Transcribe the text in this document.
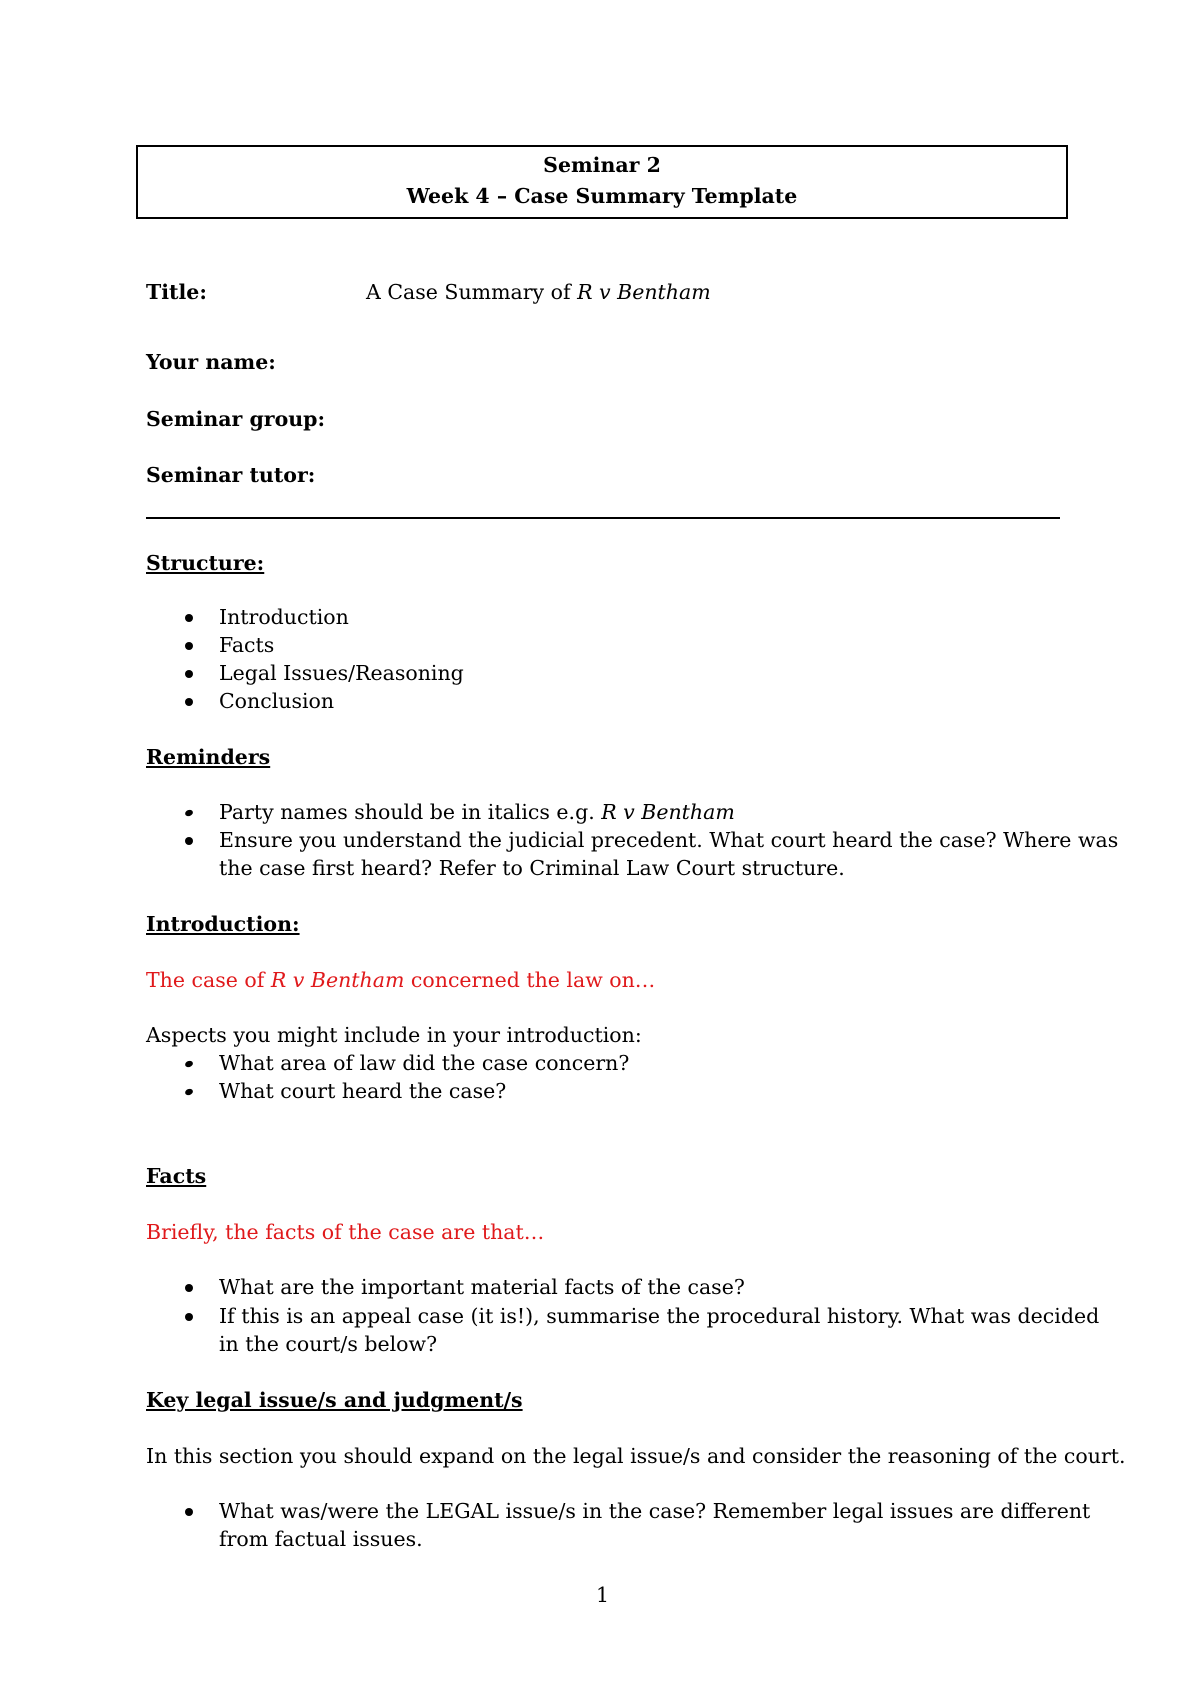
Seminar 2
Week 4 – Case Summary Template
Title:	A Case Summary of R v Bentham
Your name:
Seminar group:
Seminar tutor:
Structure:
Introduction
Facts
Legal Issues/Reasoning
Conclusion
Reminders
Party names should be in italics e.g. R v Bentham
Ensure you understand the judicial precedent. What court heard the case? Where was
the case first heard? Refer to Criminal Law Court structure.
Introduction:
The case of R v Bentham concerned the law on…
Aspects you might include in your introduction:
What area of law did the case concern?
What court heard the case?
Facts
Briefly, the facts of the case are that…
What are the important material facts of the case?
If this is an appeal case (it is!), summarise the procedural history. What was decided
in the court/s below?
Key legal issue/s and judgment/s
In this section you should expand on the legal issue/s and consider the reasoning of the court.
What was/were the LEGAL issue/s in the case? Remember legal issues are different
from factual issues.
1
